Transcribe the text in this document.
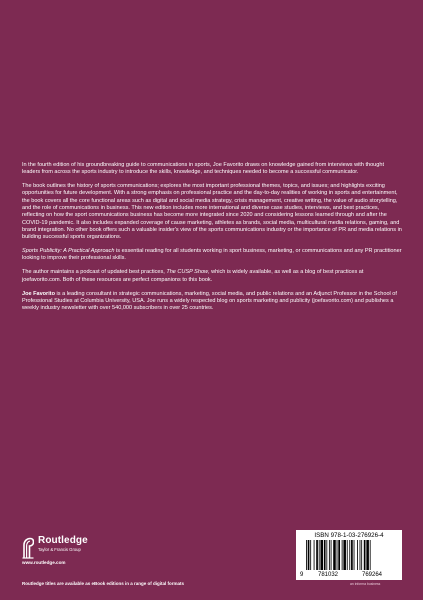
In the fourth edition of his groundbreaking guide to communications in sports, Joe Favorito draws on knowledge gained from interviews with thought leaders from across the sports industry to introduce the skills, knowledge, and techniques needed to become a successful communicator.

The book outlines the history of sports communications; explores the most important professional themes, topics, and issues; and highlights exciting opportunities for future development. With a strong emphasis on professional practice and the day-to-day realities of working in sports and entertainment, the book covers all the core functional areas such as digital and social media strategy, crisis management, creative writing, the value of audio storytelling, and the role of communications in business. This new edition includes more international and diverse case studies, interviews, and best practices, reflecting on how the sport communications business has become more integrated since 2020 and considering lessons learned through and after the COVID-19 pandemic. It also includes expanded coverage of cause marketing, athletes as brands, social media, multicultural media relations, gaming, and brand integration. No other book offers such a valuable insider's view of the sports communications industry or the importance of PR and media relations in building successful sports organizations.

Sports Publicity: A Practical Approach is essential reading for all students working in sport business, marketing, or communications and any PR practitioner looking to improve their professional skills.

The author maintains a podcast of updated best practices, The CUSP Show, which is widely available, as well as a blog of best practices at joefavorito.com. Both of these resources are perfect companions to this book.

Joe Favorito is a leading consultant in strategic communications, marketing, social media, and public relations and an Adjunct Professor in the School of Professional Studies at Columbia University, USA. Joe runs a widely respected blog on sports marketing and publicity (joefavorito.com) and publishes a weekly industry newsletter with over 540,000 subscribers in over 25 countries.

Routledge
Taylor & Francis Group
www.routledge.com
Routledge titles are available as eBook editions in a range of digital formats
9 781032	769264
ISBN 978-1-03-276926-4
an informa business
